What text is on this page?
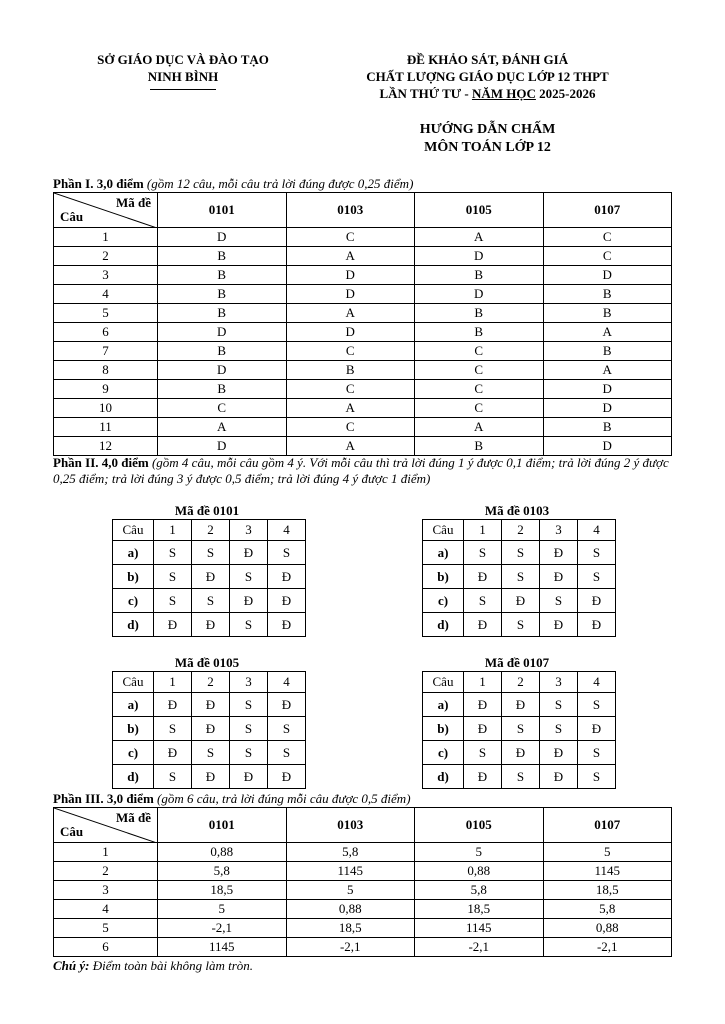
SỞ GIÁO DỤC VÀ ĐÀO TẠO
NINH BÌNH
ĐỀ KHẢO SÁT, ĐÁNH GIÁ
CHẤT LƯỢNG GIÁO DỤC LỚP 12 THPT
LẦN THỨ TƯ - NĂM HỌC 2025-2026
HƯỚNG DẪN CHẤM
MÔN TOÁN LỚP 12
Phần I. 3,0 điểm (gồm 12 câu, mỗi câu trả lời đúng được 0,25 điểm)
Mã đề
Câu	0101	0103	0105	0107
1	D	C	A	C
2	B	A	D	C
3	B	D	B	D
4	B	D	D	B
5	B	A	B	B
6	D	D	B	A
7	B	C	C	B
8	D	B	C	A
9	B	C	C	D
10	C	A	C	D
11	A	C	A	B
12	D	A	B	D
Phần II. 4,0 điểm (gồm 4 câu, mỗi câu gồm 4 ý. Với mỗi câu thì trả lời đúng 1 ý được 0,1 điểm; trả lời đúng 2 ý được 0,25 điểm; trả lời đúng 3 ý được 0,5 điểm; trả lời đúng 4 ý được 1 điểm)
Mã đề 0101	Mã đề 0103
Mã đề 0105	Mã đề 0107
Câu	1	2	3	4
a)	S	S	Đ	S
b)	S	Đ	S	Đ
c)	S	S	Đ	Đ
d)	Đ	Đ	S	Đ
Câu	1	2	3	4
a)	S	S	Đ	S
b)	Đ	S	Đ	S
c)	S	Đ	S	Đ
d)	Đ	S	Đ	Đ
Câu	1	2	3	4
a)	Đ	Đ	S	Đ
b)	S	Đ	S	S
c)	Đ	S	S	S
d)	S	Đ	Đ	Đ
Câu	1	2	3	4
a)	Đ	Đ	S	S
b)	Đ	S	S	Đ
c)	S	Đ	Đ	S
d)	Đ	S	Đ	S
Phần III. 3,0 điểm (gồm 6 câu, trả lời đúng mỗi câu được 0,5 điểm)
Mã đề
Câu	0101	0103	0105	0107
1	0,88	5,8	5	5
2	5,8	1145	0,88	1145
3	18,5	5	5,8	18,5
4	5	0,88	18,5	5,8
5	-2,1	18,5	1145	0,88
6	1145	-2,1	-2,1	-2,1
Chú ý: Điểm toàn bài không làm tròn.
